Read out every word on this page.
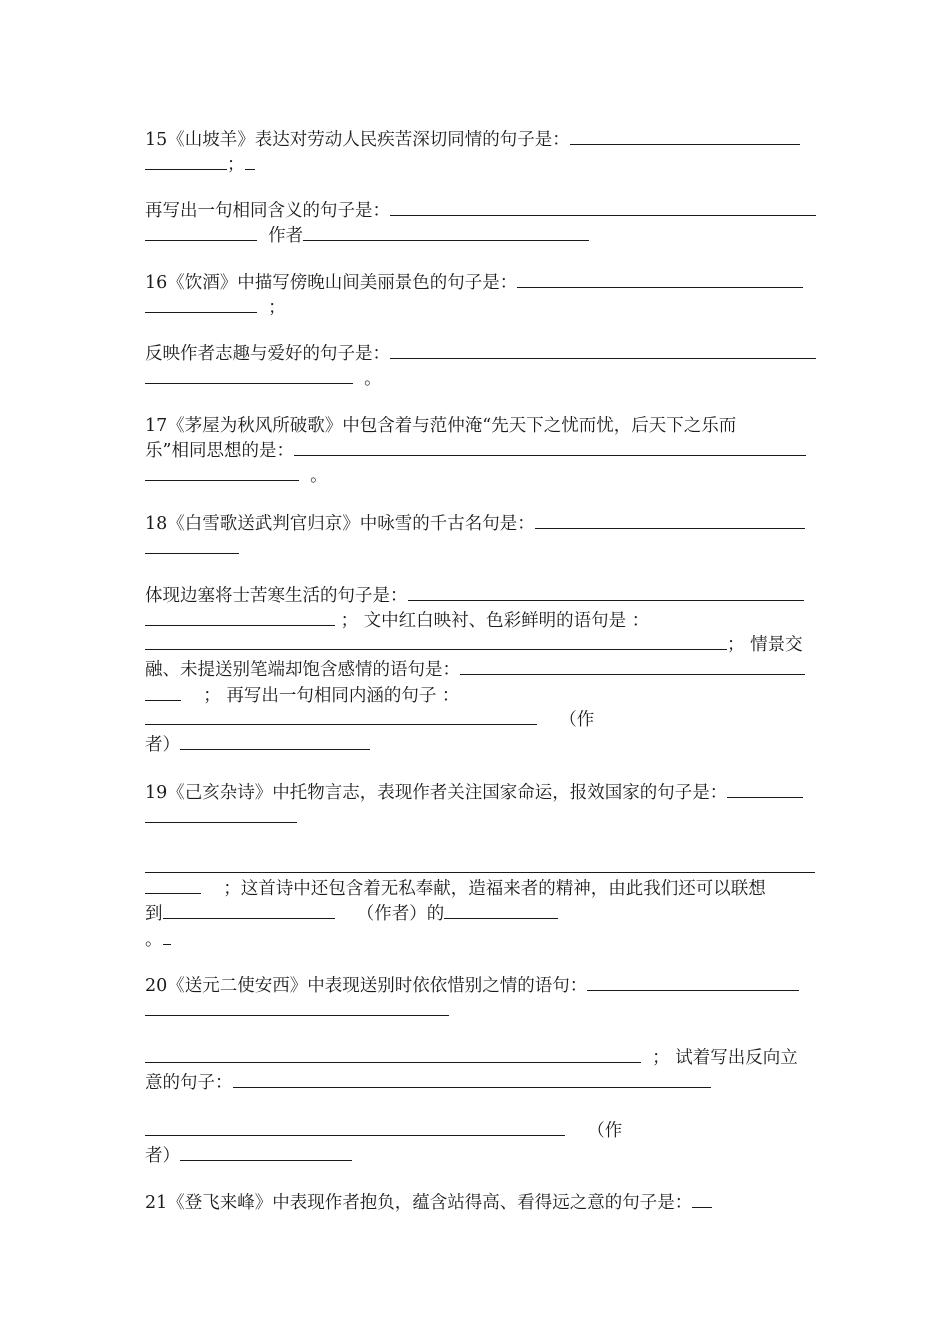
15《山坡羊》表达对劳动人民疾苦深切同情的句子是：
；
再写出一句相同含义的句子是：
作者
16《饮酒》中描写傍晚山间美丽景色的句子是：
；
反映作者志趣与爱好的句子是：
。
17《茅屋为秋风所破歌》中包含着与范仲淹“先天下之忧而忧，后天下之乐而
乐”相同思想的是：
。
18《白雪歌送武判官归京》中咏雪的千古名句是：
体现边塞将士苦寒生活的句子是：
； 文中红白映衬、色彩鲜明的语句是 ：
； 情景交
融、未提送别笔端却饱含感情的语句是：
； 再写出一句相同内涵的句子 ：
（作
者）
19《己亥杂诗》中托物言志，表现作者关注国家命运，报效国家的句子是：
；这首诗中还包含着无私奉献，造福来者的精神，由此我们还可以联想
到	（作者）的
。
20《送元二使安西》中表现送别时依依惜别之情的语句：
； 试着写出反向立
意的句子：
（作
者）
21《登飞来峰》中表现作者抱负，蕴含站得高、看得远之意的句子是：
